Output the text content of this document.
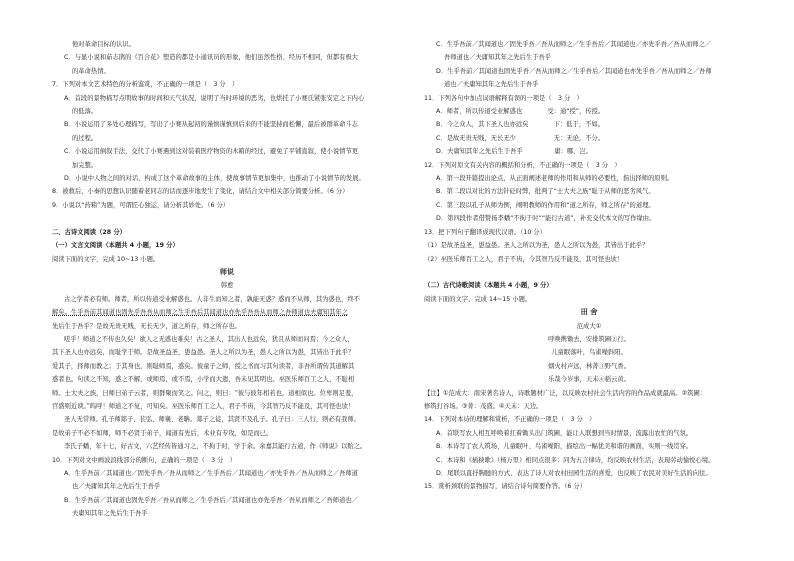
他对革命目标的认识。

C．与显小说和茹志鹃的《百合花》塑造的都是小通讯员的形象，他们虽然性格、经历不相同，但都有极大

的革命热情。

7．下列对本文艺术特色的分析鉴赏，不正确的一项是（　3 分　）

A．首段的景物描写点明故事的时间和天气状况，说明了当时环境的恶劣，也烘托了小赛氏紧张安定之下内心

的低落。

B．小说运用了多处心理描写，写出了小赛从起初的谨慎谨慎到后来的不能坚持而松懈，最后被群革命斗志

的过程。

C．小说运用倒叙手法，交代了小赛遇到这对装着医疗物资的木箱的经过，避免了平铺直叙，使小说情节更

加完整。

D．小说中人物之间的对话，构成了这个革命故事的主体，使故事情节更加集中，也推动了小说情节的发展。

8．被救后，小秦的思想认识随着老同志的话而逐步地发生了变化，请结合文中相关部分简要分析。（6 分）

9．小说以“药箱”为题，可谓匠心独运，请分析其妙处。（6 分）

二、古诗文阅读（28 分）

（一）文言文阅读（本题共 4 小题，19 分）

阅读下面的文字，完成 10~13 小题。

师说

韩愈

古之学者必有师。师者，所以传道受业解惑也。人非生而知之者，孰能无惑？惑而不从师，其为惑也，终不

解矣。生乎吾前其闻道也固先乎吾吾从而师之生乎吾后其闻道也亦先乎吾吾从而师之吾师道也夫庸知其年之

先后生于吾乎？是故无贵无贱，无长无少，道之所存，师之所存也。

嗟乎！师道之不传也久矣！欲人之无惑也难矣！古之圣人，其出人也远矣，犹且从师而问焉；今之众人，

其下圣人也亦远矣，而耻学于师。是故圣益圣，愚益愚。圣人之所以为圣，愚人之所以为愚，其皆出于此乎？

爱其子，择师而教之；于其身也，则耻师焉，惑矣。彼童子之师，授之书而习其句读者，非吾所谓传其道解其

惑者也。句读之不知，惑之不解，或师焉，或不焉，小学而大遗，吾未见其明也。巫医乐师百工之人，不耻相

师。士大夫之族，曰师曰弟子云者，则群聚而笑之。问之，则曰：“彼与彼年相若也，道相似也。位卑则足羞，

官盛则近谀。”呜呼！师道之不复，可知矣。巫医乐师百工之人，君子不齿，今其智乃反不能及，其可怪也欤！

圣人无常师。孔子师郯子、苌弘、师襄、老聃。郯子之徒，其贤不及孔子。孔子曰：三人行，则必有我师。

是故弟子不必不如师，师不必贤于弟子，闻道有先后，术业有专攻，如是而已。

李氏子蟠，年十七，好古文，六艺经传皆通习之，不拘于时，学于余。余嘉其能行古道，作《师说》以贻之。

10．下列对文中画波浪线部分的断句，正确的一项是（　3 分　）

A．生乎吾前／其闻道也／固先乎吾／吾从而师之／生乎吾后／其闻道也／亦先乎吾／吾从而师之／吾师道

也／夫庸知其年之先后生于吾乎

B．生乎吾前／其闻道也固先乎吾／吾从而师之／生乎吾后／其闻道也亦先乎吾／吾从而师之／吾师道也／

夫庸知其年之先后生于吾乎

C．生乎吾前／其闻道也／固先乎吾／吾从而师之／生乎吾后／其闻道也／亦先乎吾／吾从而师之／

吾师道也／夫庸知其年之先后生于吾乎

D．生乎吾前／其闻道也固先乎吾／吾从而师之／生乎吾后／其闻道也亦先乎吾／吾从而师之／吾师

道也／夫庸知其年之先后生于吾乎

11．下列各句中加点词语解释有误的一项是（　3 分　）

A．师者，所以传道受业解惑也　　　　受：通“授”，传授。

B．今之众人，其下圣人也亦远矣　　　　下：低于，不如。

C．是故无贵无贱，无长无少　　　　　　无：无论，不分。

D．夫庸知其年之先后生于吾乎　　　　　庸：哪，岂。

12．下列对原文有关内容的概括和分析，不正确的一项是（　3 分　）

A．第一段开篇提出论点，从正面阐述老师的作用和从师的必要性，指出择师的原则。

B．第二段以对比的方法针砭时弊，批判了“士大夫之族”耻于从师的恶劣风气。

C．第三段以孔子从师为例，阐明教师的作用和“道之所存，师之所存”的道理。

D．第四段作者借赞扬李蟠“不拘于时”“能行古道”，补充交代本文的写作缘由。

13．把下列句子翻译成现代汉语。（10 分）

（1）是故圣益圣，愚益愚。圣人之所以为圣，愚人之所以为愚，其皆出于此乎？

（2）巫医乐师百工之人，君子不齿，今其智乃反不能及，其可怪也欤！

（二）古代诗歌阅读（本题共 4 小题，9 分）

阅读下面的文字，完成 14~15 小题。

田 舍

范成大①

呼唤携锄去，安排筑圃②行。

儿童眠落叶，鸟雀噪斜阳。

烟火村声远，林菁③野气香。

乐哉今岁事，天末④稻云黄。

【注】①范成大：南宋著名诗人，诗歌题材广泛，以反映农村社会生活内容的作品成就最高。②筑圃：

修筑打谷场。③菁：茂盛。④天末：天边。

14．下列对本诗的理解和赏析，不正确的一项是（　3 分　）

A．首联写农人相互呼唤着扛着锄头出门筑圃，能让人联想到当时情景，流露出农忙的气氛。

B．本诗写了农人筑场、儿童眠叶、鸟雀噪阳，描绘出一幅优美和谐的画面，实则一线贯穿。

C．本诗和《插秧歌》（杨万里）相同点很多：同为五言律诗，均反映农村生活，表现劳动愉悦心境。

D．尾联以直抒胸臆的方式，表达了诗人对农村田园生活的喜爱，也反映了农民对美好生活的向往。

15．赏析颈联的景物描写，请结合诗句简要作答。（6 分）
